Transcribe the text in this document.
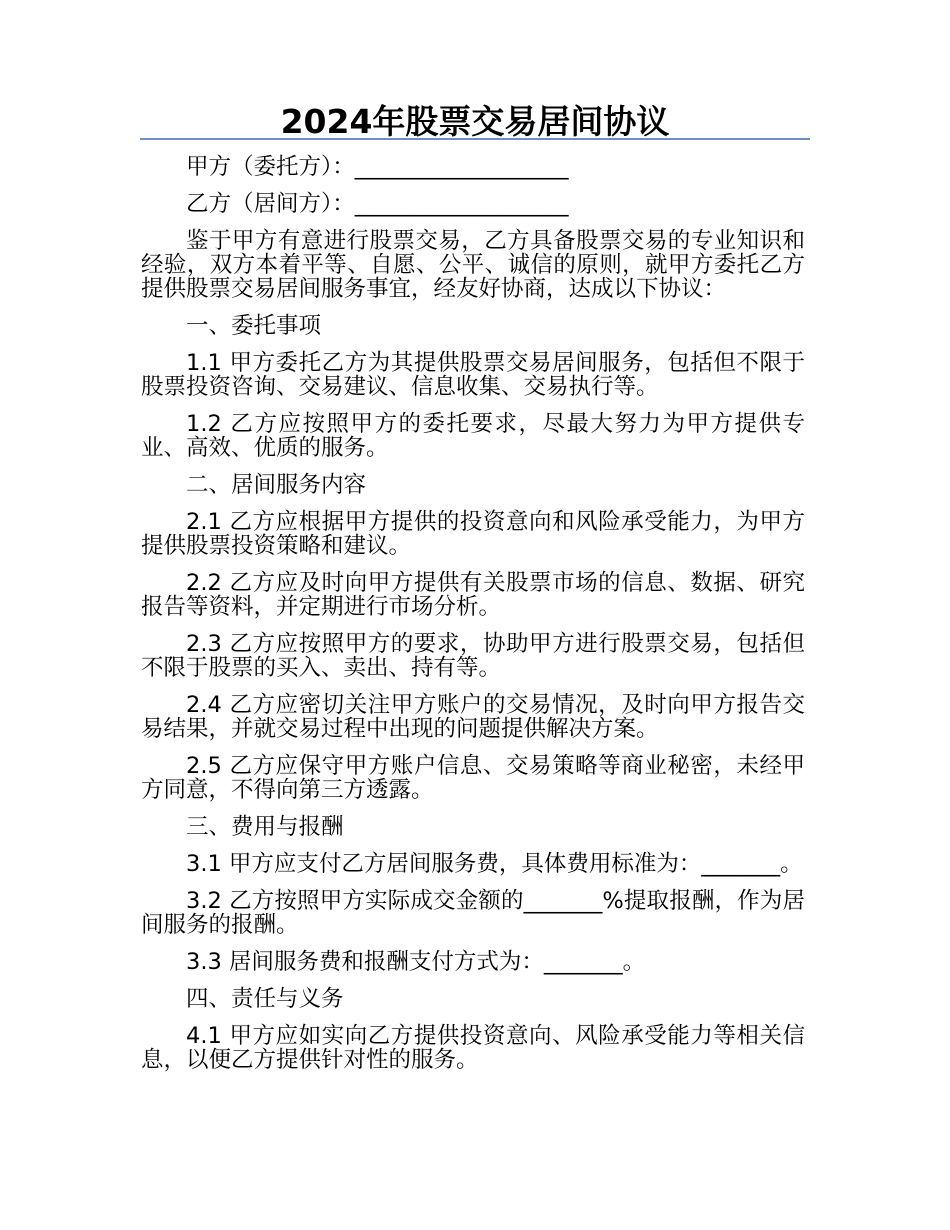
2024年股票交易居间协议

甲方（委托方）：___________________

乙方（居间方）：___________________

鉴于甲方有意进行股票交易，乙方具备股票交易的专业知识和经验，双方本着平等、自愿、公平、诚信的原则，就甲方委托乙方提供股票交易居间服务事宜，经友好协商，达成以下协议：

一、委托事项

1.1 甲方委托乙方为其提供股票交易居间服务，包括但不限于股票投资咨询、交易建议、信息收集、交易执行等。

1.2 乙方应按照甲方的委托要求，尽最大努力为甲方提供专业、高效、优质的服务。

二、居间服务内容

2.1 乙方应根据甲方提供的投资意向和风险承受能力，为甲方提供股票投资策略和建议。

2.2 乙方应及时向甲方提供有关股票市场的信息、数据、研究报告等资料，并定期进行市场分析。

2.3 乙方应按照甲方的要求，协助甲方进行股票交易，包括但不限于股票的买入、卖出、持有等。

2.4 乙方应密切关注甲方账户的交易情况，及时向甲方报告交易结果，并就交易过程中出现的问题提供解决方案。

2.5 乙方应保守甲方账户信息、交易策略等商业秘密，未经甲方同意，不得向第三方透露。

三、费用与报酬

3.1 甲方应支付乙方居间服务费，具体费用标准为：_______。

3.2 乙方按照甲方实际成交金额的_______%提取报酬，作为居间服务的报酬。

3.3 居间服务费和报酬支付方式为：_______。

四、责任与义务

4.1 甲方应如实向乙方提供投资意向、风险承受能力等相关信息，以便乙方提供针对性的服务。
